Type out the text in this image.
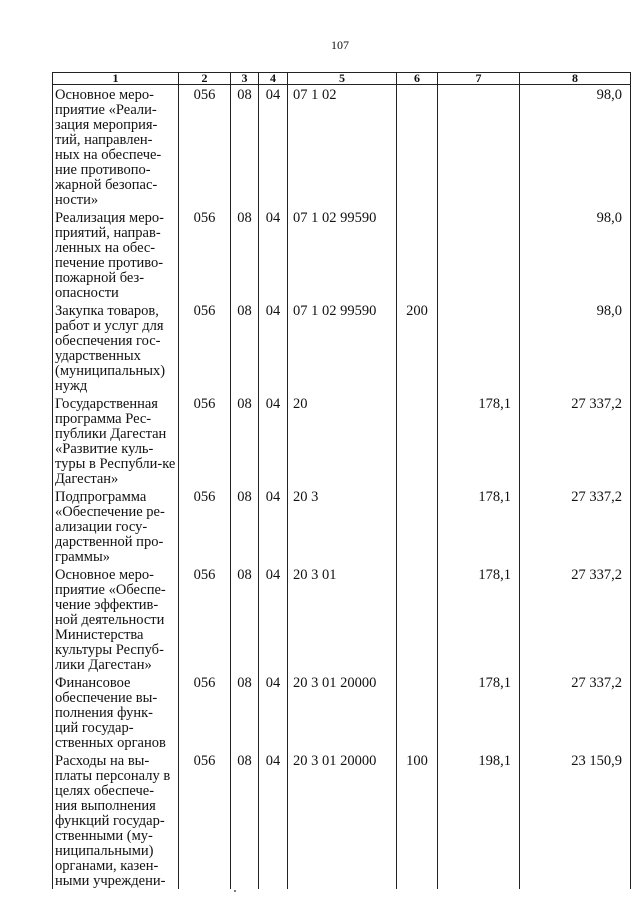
107
1	2	3	4	5	6	7	8
Основное меро-приятие «Реали-зация мероприя-тий, направлен-ных на обеспече-ние противопо-жарной безопас-ности»	056	08	04	07 1 02			98,0
Реализация меро-приятий, направ-ленных на обес-печение противо-пожарной без-опасности	056	08	04	07 1 02 99590			98,0
Закупка товаров, работ и услуг для обеспечения гос-ударственных (муниципальных) нужд	056	08	04	07 1 02 99590	200		98,0
Государственная программа Рес-публики Дагестан «Развитие куль-туры в Республи-ке Дагестан»	056	08	04	20		178,1	27 337,2
Подпрограмма «Обеспечение ре-ализации госу-дарственной про-граммы»	056	08	04	20 3		178,1	27 337,2
Основное меро-приятие «Обеспе-чение эффектив-ной деятельности Министерства культуры Респуб-лики Дагестан»	056	08	04	20 3 01		178,1	27 337,2
Финансовое обеспечение вы-полнения функ-ций государ-ственных органов	056	08	04	20 3 01 20000		178,1	27 337,2
Расходы на вы-платы персоналу в целях обеспече-ния выполнения функций государ-ственными (му-ниципальными) органами, казен-ными учреждени-	056	08	04	20 3 01 20000	100	198,1	23 150,9
